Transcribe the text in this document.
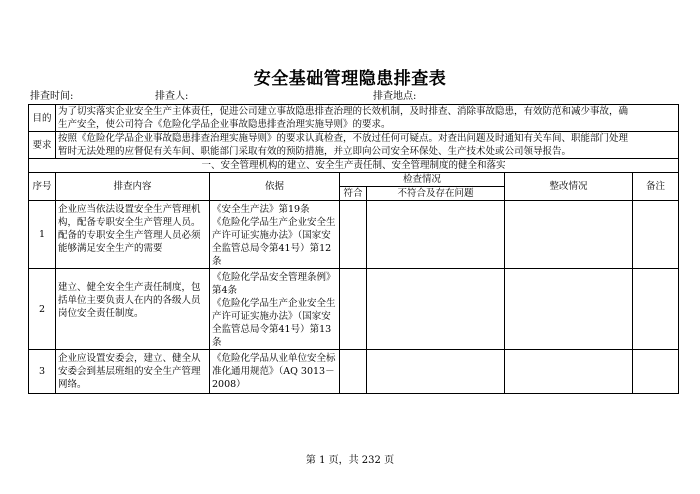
安全基础管理隐患排查表
排查时间:	排查人:	排查地点:
目的	为了切实落实企业安全生产主体责任，促进公司建立事故隐患排查治理的长效机制，及时排查、消除事故隐患，有效防范和减少事故，确
生产安全，使公司符合《危险化学品企业事故隐患排查治理实施导则》的要求。					

要求	按照《危险化学品企业事故隐患排查治理实施导则》的要求认真检查，不放过任何可疑点。对查出问题及时通知有关车间、职能部门处理
暂时无法处理的应督促有关车间、职能部门采取有效的预防措施，并立即向公司安全环保处、生产技术处或公司领导报告。					

一、安全管理机构的建立、安全生产责任制、安全管理制度的健全和落实						
序号	排查内容	依据	检查情况		整改情况	备注
			符合	不符合及存在问题		
1	企业应当依法设置安全生产管理机构，配备专职安全生产管理人员。配备的专职安全生产管理人员必须能够满足安全生产的需要	《安全生产法》第19条
《危险化学品生产企业安全生产许可证实施办法》（国家安全监管总局令第41号）第12条				

2	建立、健全安全生产责任制度，包括单位主要负责人在内的各级人员岗位安全责任制度。	《危险化学品安全管理条例》第4条
《危险化学品生产企业安全生产许可证实施办法》（国家安全监管总局令第41号）第13条				

3	企业应设置安委会，建立、健全从安委会到基层班组的安全生产管理网络。	《危险化学品从业单位安全标准化通用规范》（AQ 3013－2008）				

第 1 页，共 232 页
